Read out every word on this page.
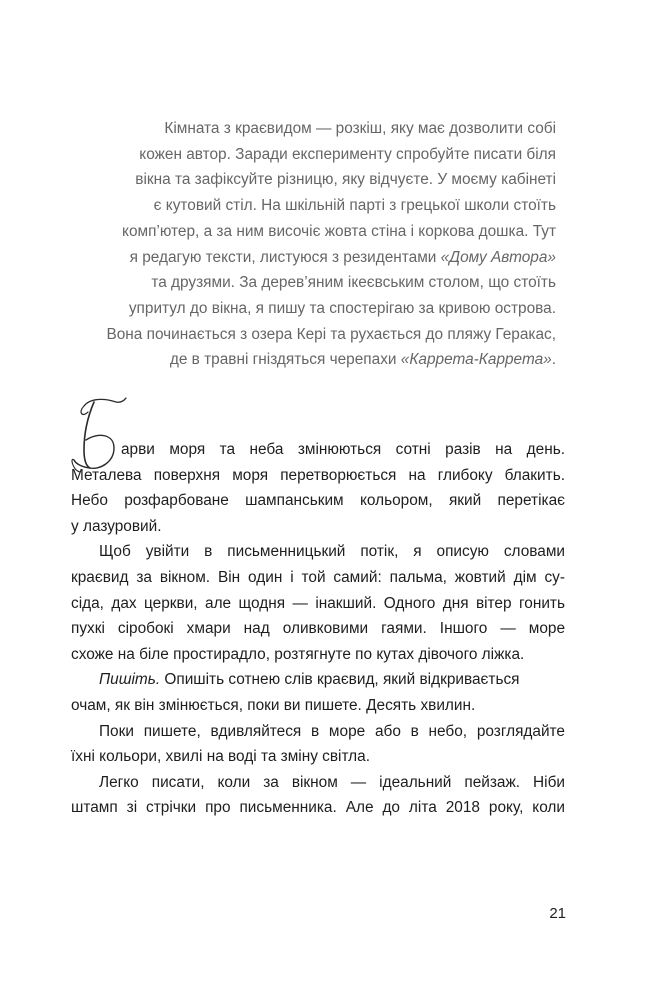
Кімната з краєвидом — розкіш, яку має дозволити собі
кожен автор. Заради експерименту спробуйте писати біля
вікна та зафіксуйте різницю, яку відчуєте. У моєму кабінеті
є кутовий стіл. На шкільній парті з грецької школи стоїть
комп’ютер, а за ним височіє жовта стіна і коркова дошка. Тут
я редагую тексти, листуюся з резидентами «Дому Автора»
та друзями. За дерев’яним ікеєвським столом, що стоїть
упритул до вікна, я пишу та спостерігаю за кривою острова.
Вона починається з озера Кері та рухається до пляжу Геракас,
де в травні гніздяться черепахи «Каррета-Каррета».
арви моря та неба змінюються сотні разів на день.
Металева поверхня моря перетворюється на глибоку блакить.
Небо розфарбоване шампанським кольором, який перетікає
у лазуровий.
Щоб увійти в письменницький потік, я описую словами
краєвид за вікном. Він один і той самий: пальма, жовтий дім су-
сіда, дах церкви, але щодня — інакший. Одного дня вітер гонить
пухкі сіробокі хмари над оливковими гаями. Іншого — море
схоже на біле простирадло, розтягнуте по кутах дівочого ліжка.
Пишіть. Опишіть сотнею слів краєвид, який відкривається
очам, як він змінюється, поки ви пишете. Десять хвилин.
Поки пишете, вдивляйтеся в море або в небо, розглядайте
їхні кольори, хвилі на воді та зміну світла.
Легко писати, коли за вікном — ідеальний пейзаж. Ніби
штамп зі стрічки про письменника. Але до літа 2018 року, коли
21
